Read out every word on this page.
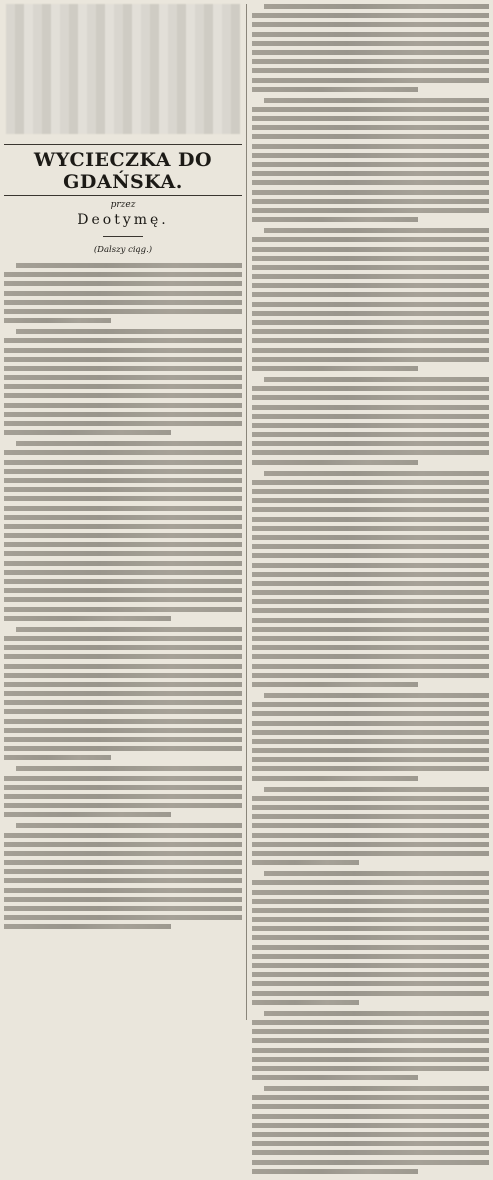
WYCIECZKA DO GDAŃSKA.
przez
Deotymę.
(Dalszy ciąg.)
